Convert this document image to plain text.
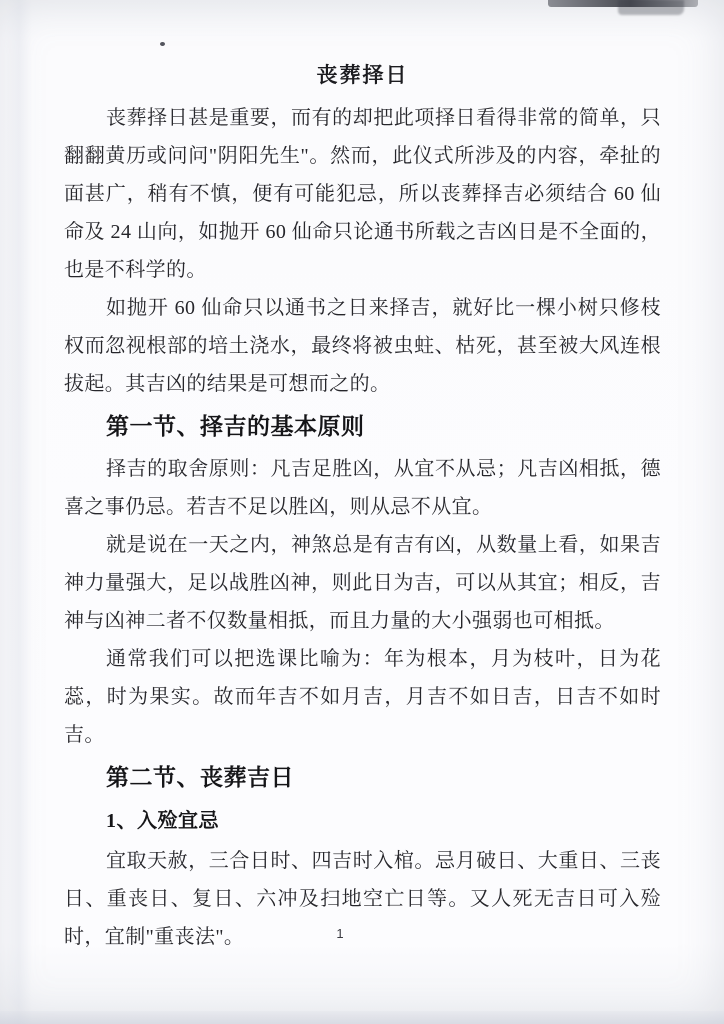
丧葬择日

丧葬择日甚是重要，而有的却把此项择日看得非常的简单，只翻翻黄历或问问"阴阳先生"。然而，此仪式所涉及的内容，牵扯的面甚广，稍有不慎，便有可能犯忌，所以丧葬择吉必须结合 60 仙命及 24 山向，如抛开 60 仙命只论通书所载之吉凶日是不全面的，也是不科学的。

如抛开 60 仙命只以通书之日来择吉，就好比一棵小树只修枝权而忽视根部的培土浇水，最终将被虫蛀、枯死，甚至被大风连根拔起。其吉凶的结果是可想而之的。

第一节、择吉的基本原则

择吉的取舍原则：凡吉足胜凶，从宜不从忌；凡吉凶相抵，德喜之事仍忌。若吉不足以胜凶，则从忌不从宜。

就是说在一天之内，神煞总是有吉有凶，从数量上看，如果吉神力量强大，足以战胜凶神，则此日为吉，可以从其宜；相反，吉神与凶神二者不仅数量相抵，而且力量的大小强弱也可相抵。

通常我们可以把选课比喻为：年为根本，月为枝叶，日为花蕊，时为果实。故而年吉不如月吉，月吉不如日吉，日吉不如时吉。

第二节、丧葬吉日
1、入殓宜忌

宜取天赦，三合日时、四吉时入棺。忌月破日、大重日、三丧日、重丧日、复日、六冲及扫地空亡日等。又人死无吉日可入殓时，宜制"重丧法"。	1
